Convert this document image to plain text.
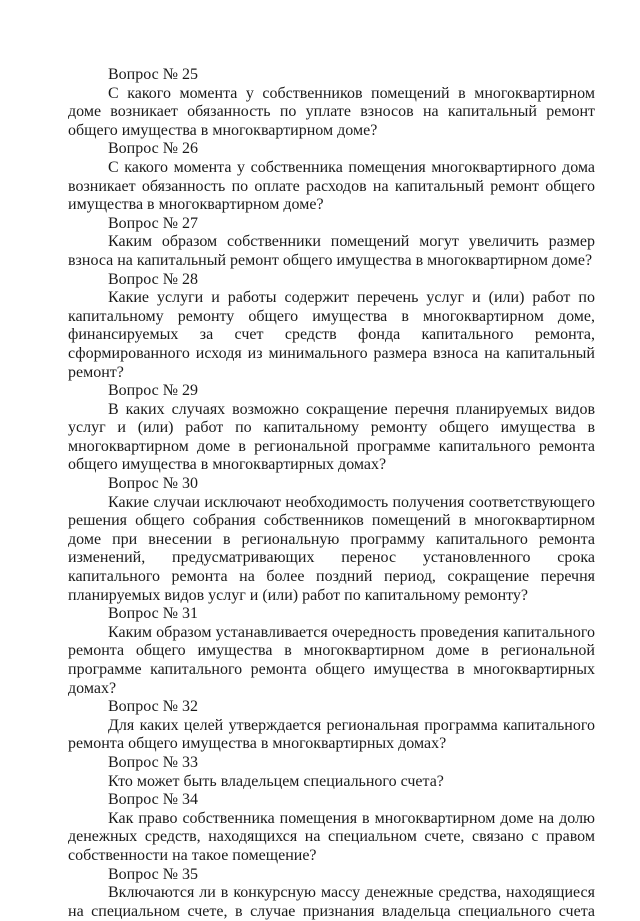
Вопрос № 25

С какого момента у собственников помещений в многоквартирном доме возникает обязанность по уплате взносов на капитальный ремонт общего имущества в многоквартирном доме?

Вопрос № 26

С какого момента у собственника помещения многоквартирного дома возникает обязанность по оплате расходов на капитальный ремонт общего имущества в многоквартирном доме?

Вопрос № 27

Каким образом собственники помещений могут увеличить размер взноса на капитальный ремонт общего имущества в многоквартирном доме?

Вопрос № 28

Какие услуги и работы содержит перечень услуг и (или) работ по капитальному ремонту общего имущества в многоквартирном доме, финансируемых за счет средств фонда капитального ремонта, сформированного исходя из минимального размера взноса на капитальный ремонт?

Вопрос № 29

В каких случаях возможно сокращение перечня планируемых видов услуг и (или) работ по капитальному ремонту общего имущества в многоквартирном доме в региональной программе капитального ремонта общего имущества в многоквартирных домах?

Вопрос № 30

Какие случаи исключают необходимость получения соответствующего решения общего собрания собственников помещений в многоквартирном доме при внесении в региональную программу капитального ремонта изменений, предусматривающих перенос установленного срока капитального ремонта на более поздний период, сокращение перечня планируемых видов услуг и (или) работ по капитальному ремонту?

Вопрос № 31

Каким образом устанавливается очередность проведения капитального ремонта общего имущества в многоквартирном доме в региональной программе капитального ремонта общего имущества в многоквартирных домах?

Вопрос № 32

Для каких целей утверждается региональная программа капитального ремонта общего имущества в многоквартирных домах?

Вопрос № 33

Кто может быть владельцем специального счета?

Вопрос № 34

Как право собственника помещения в многоквартирном доме на долю денежных средств, находящихся на специальном счете, связано с правом собственности на такое помещение?

Вопрос № 35

Включаются ли в конкурсную массу денежные средства, находящиеся на специальном счете, в случае признания владельца специального счета
